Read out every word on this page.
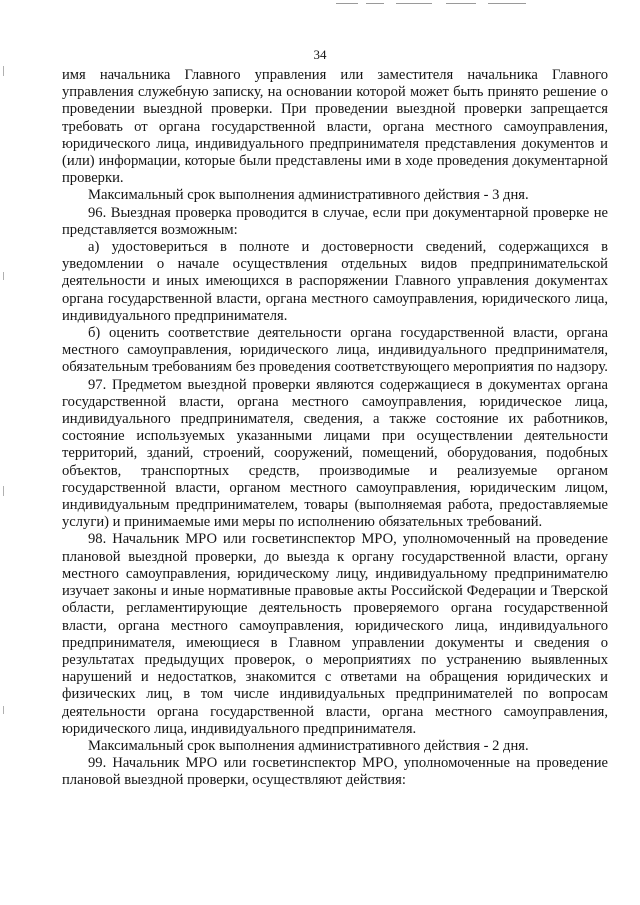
34

имя начальника Главного управления или заместителя начальника Главного управления служебную записку, на основании которой может быть принято решение о проведении выездной проверки. При проведении выездной проверки запрещается требовать от органа государственной власти, органа местного самоуправления, юридического лица, индивидуального предпринимателя представления документов и (или) информации, которые были представлены ими в ходе проведения документарной проверки.

Максимальный срок выполнения административного действия - 3 дня.

96. Выездная проверка проводится в случае, если при документарной проверке не представляется возможным:

а) удостовериться в полноте и достоверности сведений, содержащихся в уведомлении о начале осуществления отдельных видов предпринимательской деятельности и иных имеющихся в распоряжении Главного управления документах органа государственной власти, органа местного самоуправления, юридического лица, индивидуального предпринимателя.

б) оценить соответствие деятельности органа государственной власти, органа местного самоуправления, юридического лица, индивидуального предпринимателя, обязательным требованиям без проведения соответствующего мероприятия по надзору.

97. Предметом выездной проверки являются содержащиеся в документах органа государственной власти, органа местного самоуправления, юридическое лица, индивидуального предпринимателя, сведения, а также состояние их работников, состояние используемых указанными лицами при осуществлении деятельности территорий, зданий, строений, сооружений, помещений, оборудования, подобных объектов, транспортных средств, производимые и реализуемые органом государственной власти, органом местного самоуправления, юридическим лицом, индивидуальным предпринимателем, товары (выполняемая работа, предоставляемые услуги) и принимаемые ими меры по исполнению обязательных требований.

98. Начальник МРО или госветинспектор МРО, уполномоченный на проведение плановой выездной проверки, до выезда к органу государственной власти, органу местного самоуправления, юридическому лицу, индивидуальному предпринимателю изучает законы и иные нормативные правовые акты Российской Федерации и Тверской области, регламентирующие деятельность проверяемого органа государственной власти, органа местного самоуправления, юридического лица, индивидуального предпринимателя, имеющиеся в Главном управлении документы и сведения о результатах предыдущих проверок, о мероприятиях по устранению выявленных нарушений и недостатков, знакомится с ответами на обращения юридических и физических лиц, в том числе индивидуальных предпринимателей по вопросам деятельности органа государственной власти, органа местного самоуправления, юридического лица, индивидуального предпринимателя.

Максимальный срок выполнения административного действия - 2 дня.

99. Начальник МРО или госветинспектор МРО, уполномоченные на проведение плановой выездной проверки, осуществляют действия:
